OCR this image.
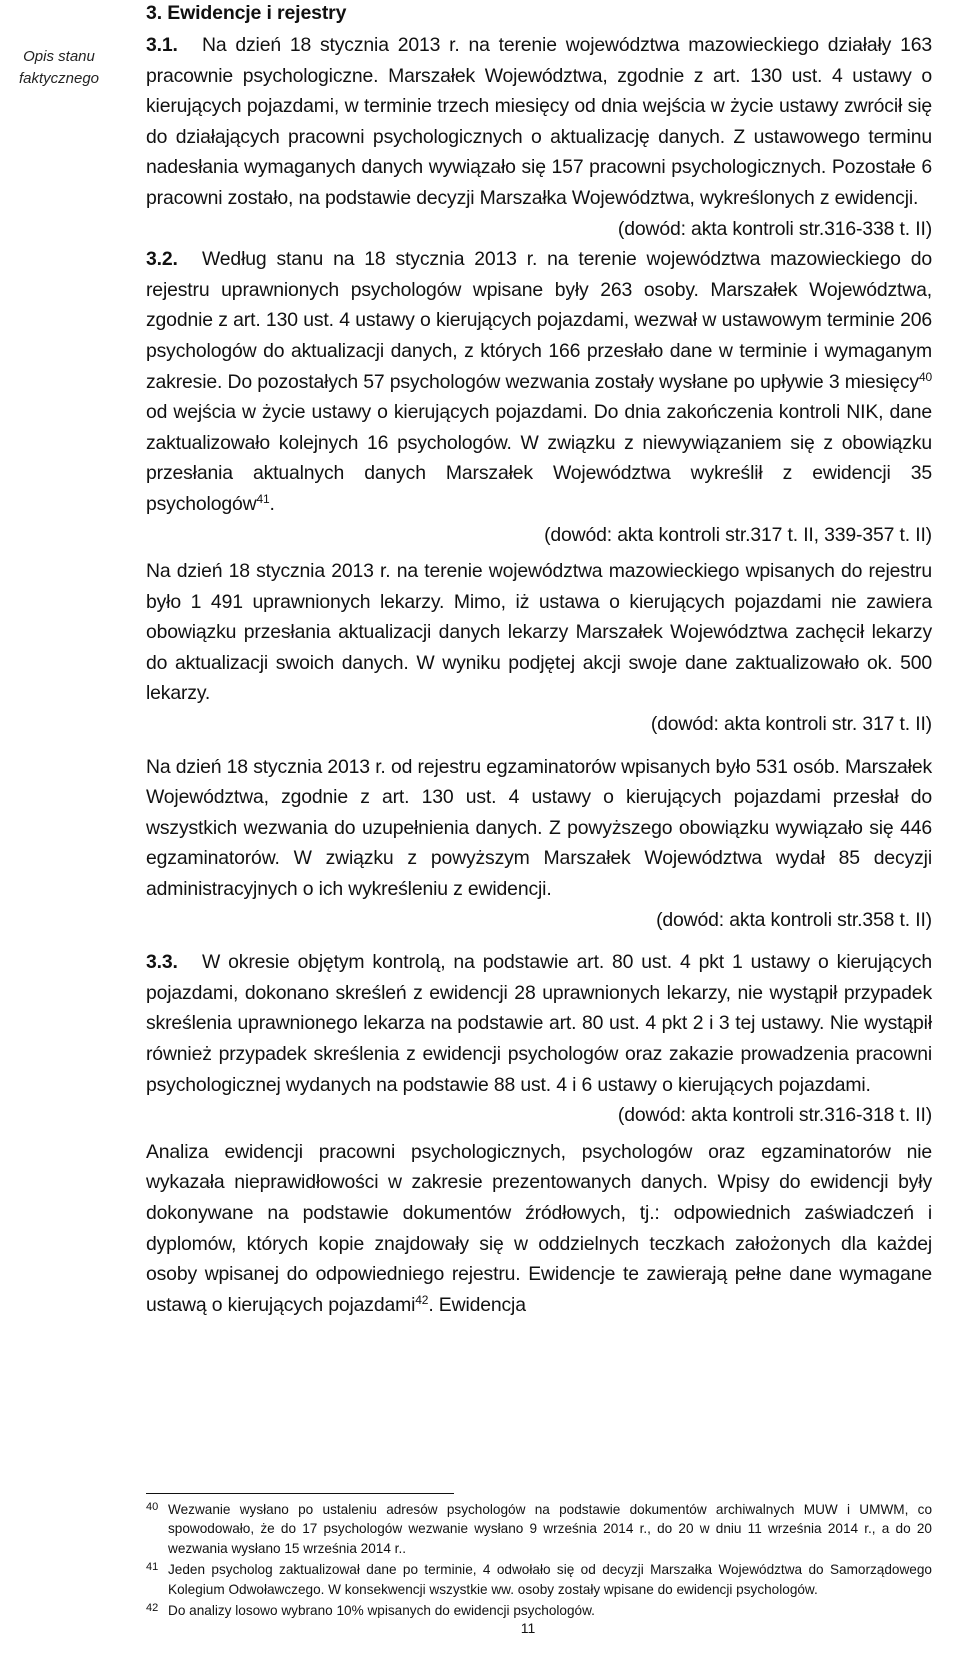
Opis stanu faktycznego

3. Ewidencje i rejestry

3.1. Na dzień 18 stycznia 2013 r. na terenie województwa mazowieckiego działały 163 pracownie psychologiczne. Marszałek Województwa, zgodnie z art. 130 ust. 4 ustawy o kierujących pojazdami, w terminie trzech miesięcy od dnia wejścia w życie ustawy zwrócił się do działających pracowni psychologicznych o aktualizację danych. Z ustawowego terminu nadesłania wymaganych danych wywiązało się 157 pracowni psychologicznych. Pozostałe 6 pracowni zostało, na podstawie decyzji Marszałka Województwa, wykreślonych z ewidencji.

(dowód: akta kontroli str.316-338 t. II)

3.2. Według stanu na 18 stycznia 2013 r. na terenie województwa mazowieckiego do rejestru uprawnionych psychologów wpisane były 263 osoby. Marszałek Województwa, zgodnie z art. 130 ust. 4 ustawy o kierujących pojazdami, wezwał w ustawowym terminie 206 psychologów do aktualizacji danych, z których 166 przesłało dane w terminie i wymaganym zakresie. Do pozostałych 57 psychologów wezwania zostały wysłane po upływie 3 miesięcy$^{40}$ od wejścia w życie ustawy o kierujących pojazdami. Do dnia zakończenia kontroli NIK, dane zaktualizowało kolejnych 16 psychologów. W związku z niewywiązaniem się z obowiązku przesłania aktualnych danych Marszałek Województwa wykreślił z ewidencji 35 psychologów$^{41}$.

(dowód: akta kontroli str.317 t. II, 339-357 t. II)

Na dzień 18 stycznia 2013 r. na terenie województwa mazowieckiego wpisanych do rejestru było 1 491 uprawnionych lekarzy. Mimo, iż ustawa o kierujących pojazdami nie zawiera obowiązku przesłania aktualizacji danych lekarzy Marszałek Województwa zachęcił lekarzy do aktualizacji swoich danych. W wyniku podjętej akcji swoje dane zaktualizowało ok. 500 lekarzy.

(dowód: akta kontroli str. 317 t. II)

Na dzień 18 stycznia 2013 r. od rejestru egzaminatorów wpisanych było 531 osób. Marszałek Województwa, zgodnie z art. 130 ust. 4 ustawy o kierujących pojazdami przesłał do wszystkich wezwania do uzupełnienia danych. Z powyższego obowiązku wywiązało się 446 egzaminatorów. W związku z powyższym Marszałek Województwa wydał 85 decyzji administracyjnych o ich wykreśleniu z ewidencji.

(dowód: akta kontroli str.358 t. II)

3.3. W okresie objętym kontrolą, na podstawie art. 80 ust. 4 pkt 1 ustawy o kierujących pojazdami, dokonano skreśleń z ewidencji 28 uprawnionych lekarzy, nie wystąpił przypadek skreślenia uprawnionego lekarza na podstawie art. 80 ust. 4 pkt 2 i 3 tej ustawy. Nie wystąpił również przypadek skreślenia z ewidencji psychologów oraz zakazie prowadzenia pracowni psychologicznej wydanych na podstawie 88 ust. 4 i 6 ustawy o kierujących pojazdami.

(dowód: akta kontroli str.316-318 t. II)

Analiza ewidencji pracowni psychologicznych, psychologów oraz egzaminatorów nie wykazała nieprawidłowości w zakresie prezentowanych danych. Wpisy do ewidencji były dokonywane na podstawie dokumentów źródłowych, tj.: odpowiednich zaświadczeń i dyplomów, których kopie znajdowały się w oddzielnych teczkach założonych dla każdej osoby wpisanej do odpowiedniego rejestru. Ewidencje te zawierają pełne dane wymagane ustawą o kierujących pojazdami$^{42}$. Ewidencja

40 Wezwanie wysłano po ustaleniu adresów psychologów na podstawie dokumentów archiwalnych MUW i UMWM, co spowodowało, że do 17 psychologów wezwanie wysłano 9 września 2014 r., do 20 w dniu 11 września 2014 r., a do 20 wezwania wysłano 15 września 2014 r..
41 Jeden psycholog zaktualizował dane po terminie, 4 odwołało się od decyzji Marszałka Województwa do Samorządowego Kolegium Odwoławczego. W konsekwencji wszystkie ww. osoby zostały wpisane do ewidencji psychologów.
42 Do analizy losowo wybrano 10% wpisanych do ewidencji psychologów.
11
